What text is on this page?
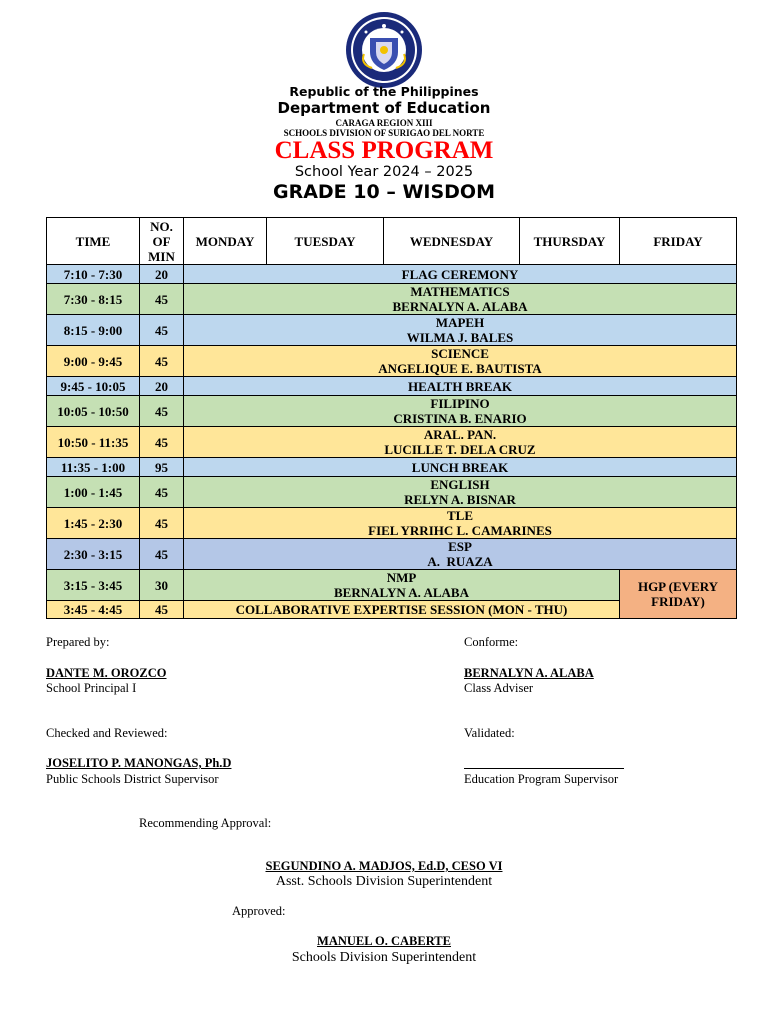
Republic of the Philippines
Department of Education
CARAGA REGION XIII
SCHOOLS DIVISION OF SURIGAO DEL NORTE
CLASS PROGRAM
School Year 2024 – 2025
GRADE 10 – WISDOM
TIME	NO. OF MIN	MONDAY	TUESDAY	WEDNESDAY	THURSDAY	FRIDAY
7:10 - 7:30	20	FLAG CEREMONY				

7:30 - 8:15	45	MATHEMATICS
BERNALYN A. ALABA				

8:15 - 9:00	45	MAPEH
WILMA J. BALES				

9:00 - 9:45	45	SCIENCE
ANGELIQUE E. BAUTISTA				

9:45 - 10:05	20	HEALTH BREAK				

10:05 - 10:50	45	FILIPINO
CRISTINA B. ENARIO				

10:50 - 11:35	45	ARAL. PAN.
LUCILLE T. DELA CRUZ				

11:35 - 1:00	95	LUNCH BREAK				

1:00 - 1:45	45	ENGLISH
RELYN A. BISNAR				

1:45 - 2:30	45	TLE
FIEL YRRIHC L. CAMARINES				

2:30 - 3:15	45	ESP
A.  RUAZA				

3:15 - 3:45	30	NMP
BERNALYN A. ALABA				HGP (EVERY FRIDAY)
3:45 - 4:45	45	COLLABORATIVE EXPERTISE SESSION (MON - THU)				
Prepared by:
DANTE M. OROZCO
School Principal I
Conforme:
BERNALYN A. ALABA
Class Adviser
Checked and Reviewed:
JOSELITO P. MANONGAS, Ph.D
Public Schools District Supervisor
Validated:
Education Program Supervisor
Recommending Approval:
SEGUNDINO A. MADJOS, Ed.D, CESO VI
Asst. Schools Division Superintendent
Approved:
MANUEL O. CABERTE
Schools Division Superintendent
